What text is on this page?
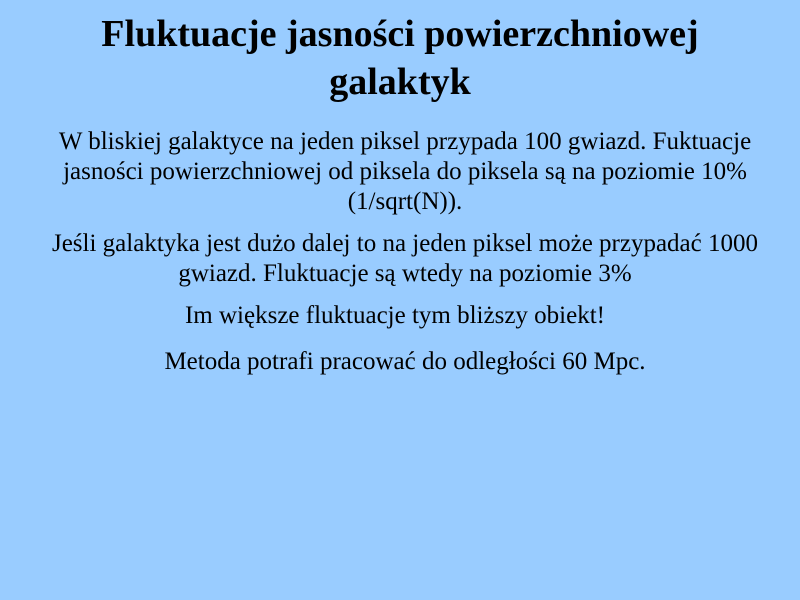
Fluktuacje jasności powierzchniowej galaktyk

W bliskiej galaktyce na jeden piksel przypada 100 gwiazd. Fuktuacje jasności powierzchniowej od piksela do piksela są na poziomie 10% (1/sqrt(N)).

Jeśli galaktyka jest dużo dalej to na jeden piksel może przypadać 1000 gwiazd. Fluktuacje są wtedy na poziomie 3%

Im większe fluktuacje tym bliższy obiekt!

Metoda potrafi pracować do odległości 60 Mpc.
